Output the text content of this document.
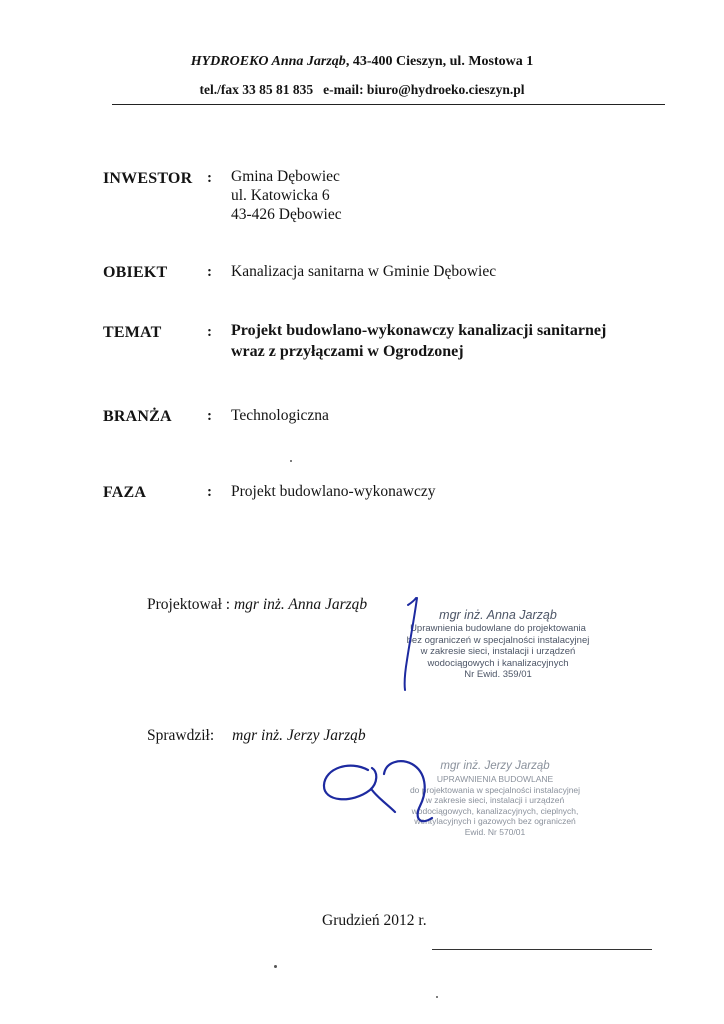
HYDROEKO Anna Jarząb, 43-400 Cieszyn, ul. Mostowa 1
tel./fax 33 85 81 835 e-mail: biuro@hydroeko.cieszyn.pl
INWESTOR : Gmina Dębowiec
ul. Katowicka 6
43-426 Dębowiec
OBIEKT	: Kanalizacja sanitarna w Gminie Dębowiec
TEMAT	: Projekt budowlano-wykonawczy kanalizacji sanitarnej
wraz z przyłączami w Ogrodzonej
BRANŻA : Technologiczna
FAZA	: Projekt budowlano-wykonawczy
Projektował : mgr inż. Anna Jarząb
mgr inż. Anna Jarząb
Uprawnienia budowlane do projektowania
bez ograniczeń w specjalności instalacyjnej
w zakresie sieci, instalacji i urządzeń
wodociągowych i kanalizacyjnych
Nr Ewid. 359/01
Sprawdził: mgr inż. Jerzy Jarząb
mgr inż. Jerzy Jarząb
UPRAWNIENIA BUDOWLANE
do projektowania w specjalności instalacyjnej
w zakresie sieci, instalacji i urządzeń
wodociągowych, kanalizacyjnych, cieplnych,
wentylacyjnych i gazowych bez ograniczeń
Ewid. Nr 570/01
Grudzień 2012 r.
